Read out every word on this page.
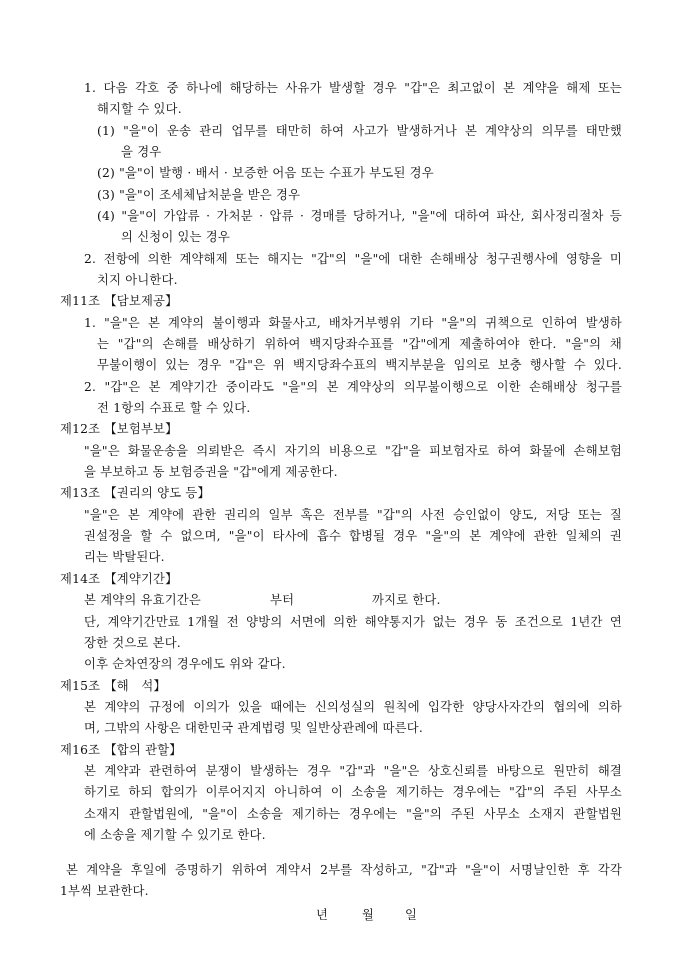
1. 다음 각호 중 하나에 해당하는 사유가 발생할 경우 "갑"은 최고없이 본 계약을 해제 또는
해지할 수 있다.
(1) "을"이 운송 관리 업무를 태만히 하여 사고가 발생하거나 본 계약상의 의무를 태만했
을 경우
(2) "을"이 발행 · 배서 · 보증한 어음 또는 수표가 부도된 경우
(3) "을"이 조세체납처분을 받은 경우
(4) "을"이 가압류 · 가처분 · 압류 · 경매를 당하거나, "을"에 대하여 파산, 회사정리절차 등
의 신청이 있는 경우
2. 전항에 의한 계약해제 또는 해지는 "갑"의 "을"에 대한 손해배상 청구권행사에 영향을 미
치지 아니한다.
제11조 【담보제공】
1. "을"은 본 계약의 불이행과 화물사고, 배차거부행위 기타 "을"의 귀책으로 인하여 발생하
는 "갑"의 손해를 배상하기 위하여 백지당좌수표를 "갑"에게 제출하여야 한다. "을"의 채
무불이행이 있는 경우 "갑"은 위 백지당좌수표의 백지부분을 임의로 보충 행사할 수 있다.
2. "갑"은 본 계약기간 중이라도 "을"의 본 계약상의 의무불이행으로 이한 손해배상 청구를
전 1항의 수표로 할 수 있다.
제12조 【보험부보】
"을"은 화물운송을 의뢰받은 즉시 자기의 비용으로 "갑"을 피보험자로 하여 화물에 손해보험
을 부보하고 동 보험증권을 "갑"에게 제공한다.
제13조 【권리의 양도 등】
"을"은 본 계약에 관한 권리의 일부 혹은 전부를 "갑"의 사전 승인없이 양도, 저당 또는 질
권설정을 할 수 없으며, "을"이 타사에 흡수 합병될 경우 "을"의 본 계약에 관한 일체의 권
리는 박탈된다.
제14조 【계약기간】
본 계약의 유효기간은	부터	까지로 한다.
단, 계약기간만료 1개월 전 양방의 서면에 의한 해약통지가 없는 경우 동 조건으로 1년간 연
장한 것으로 본다.
이후 순차연장의 경우에도 위와 같다.
제15조 【해　석】
본 계약의 규정에 이의가 있을 때에는 신의성실의 원칙에 입각한 양당사자간의 협의에 의하
며, 그밖의 사항은 대한민국 관계법령 및 일반상관례에 따른다.
제16조 【합의 관할】
본 계약과 관련하여 분쟁이 발생하는 경우 "갑"과 "을"은 상호신뢰를 바탕으로 원만히 해결
하기로 하되 합의가 이루어지지 아니하여 이 소송을 제기하는 경우에는 "갑"의 주된 사무소
소재지 관할법원에, "을"이 소송을 제기하는 경우에는 "을"의 주된 사무소 소재지 관할법원
에 소송을 제기할 수 있기로 한다.
본 계약을 후일에 증명하기 위하여 계약서 2부를 작성하고, "갑"과 "을"이 서명날인한 후 각각
1부씩 보관한다.
년	월	일
